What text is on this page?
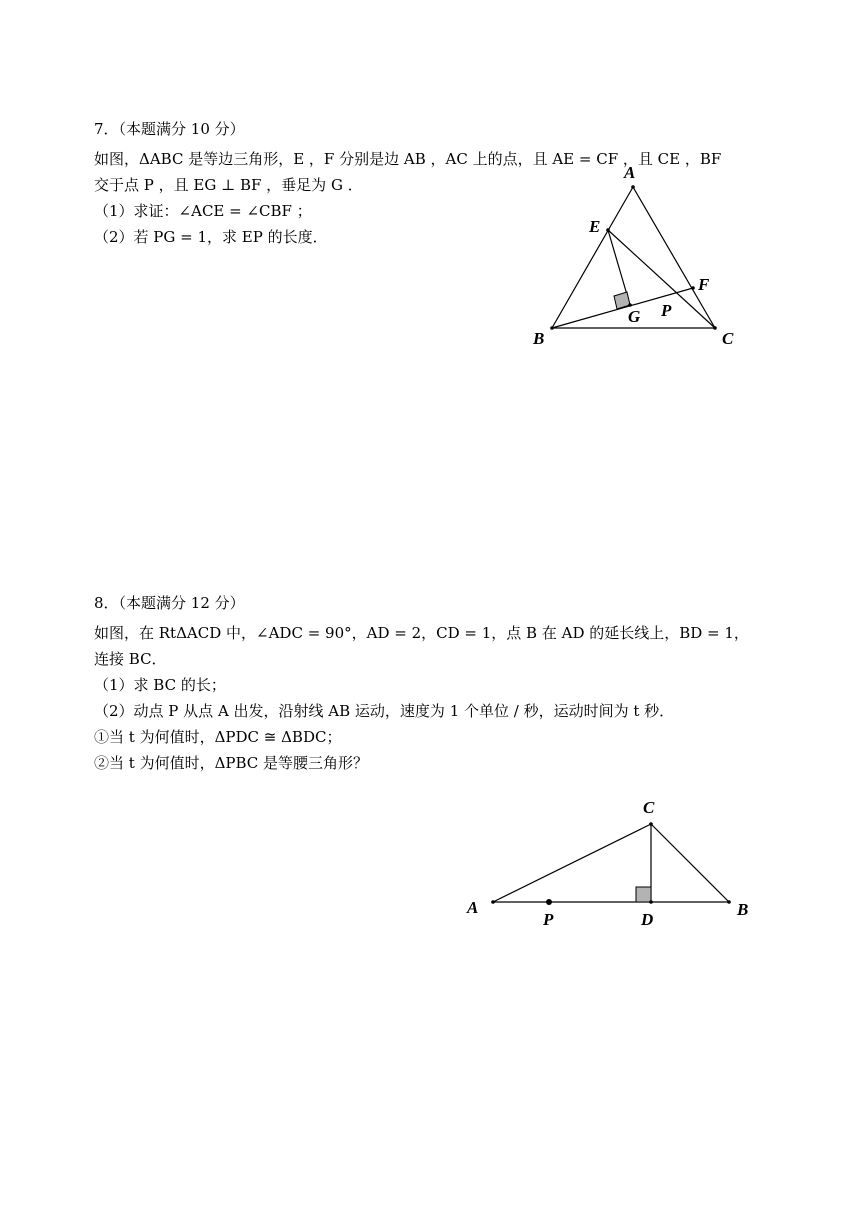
7．（本题满分 10 分）
如图，ΔABC 是等边三角形，E ，F 分别是边 AB ，AC 上的点，且 AE = CF ，且 CE ，BF
交于点 P ，且 EG ⊥ BF ，垂足为 G ．
（1）求证：∠ACE = ∠CBF ；
（2）若 PG = 1，求 EP 的长度．
A
B	C
E
F
G P
8．（本题满分 12 分）
如图，在 RtΔACD 中，∠ADC = 90°，AD = 2，CD = 1，点 B 在 AD 的延长线上，BD = 1，
连接 BC．
（1）求 BC 的长；
（2）动点 P 从点 A 出发，沿射线 AB 运动，速度为 1 个单位 / 秒，运动时间为 t 秒．
①当 t 为何值时，ΔPDC ≅ ΔBDC；
②当 t 为何值时，ΔPBC 是等腰三角形？
C
A	B
D
P
